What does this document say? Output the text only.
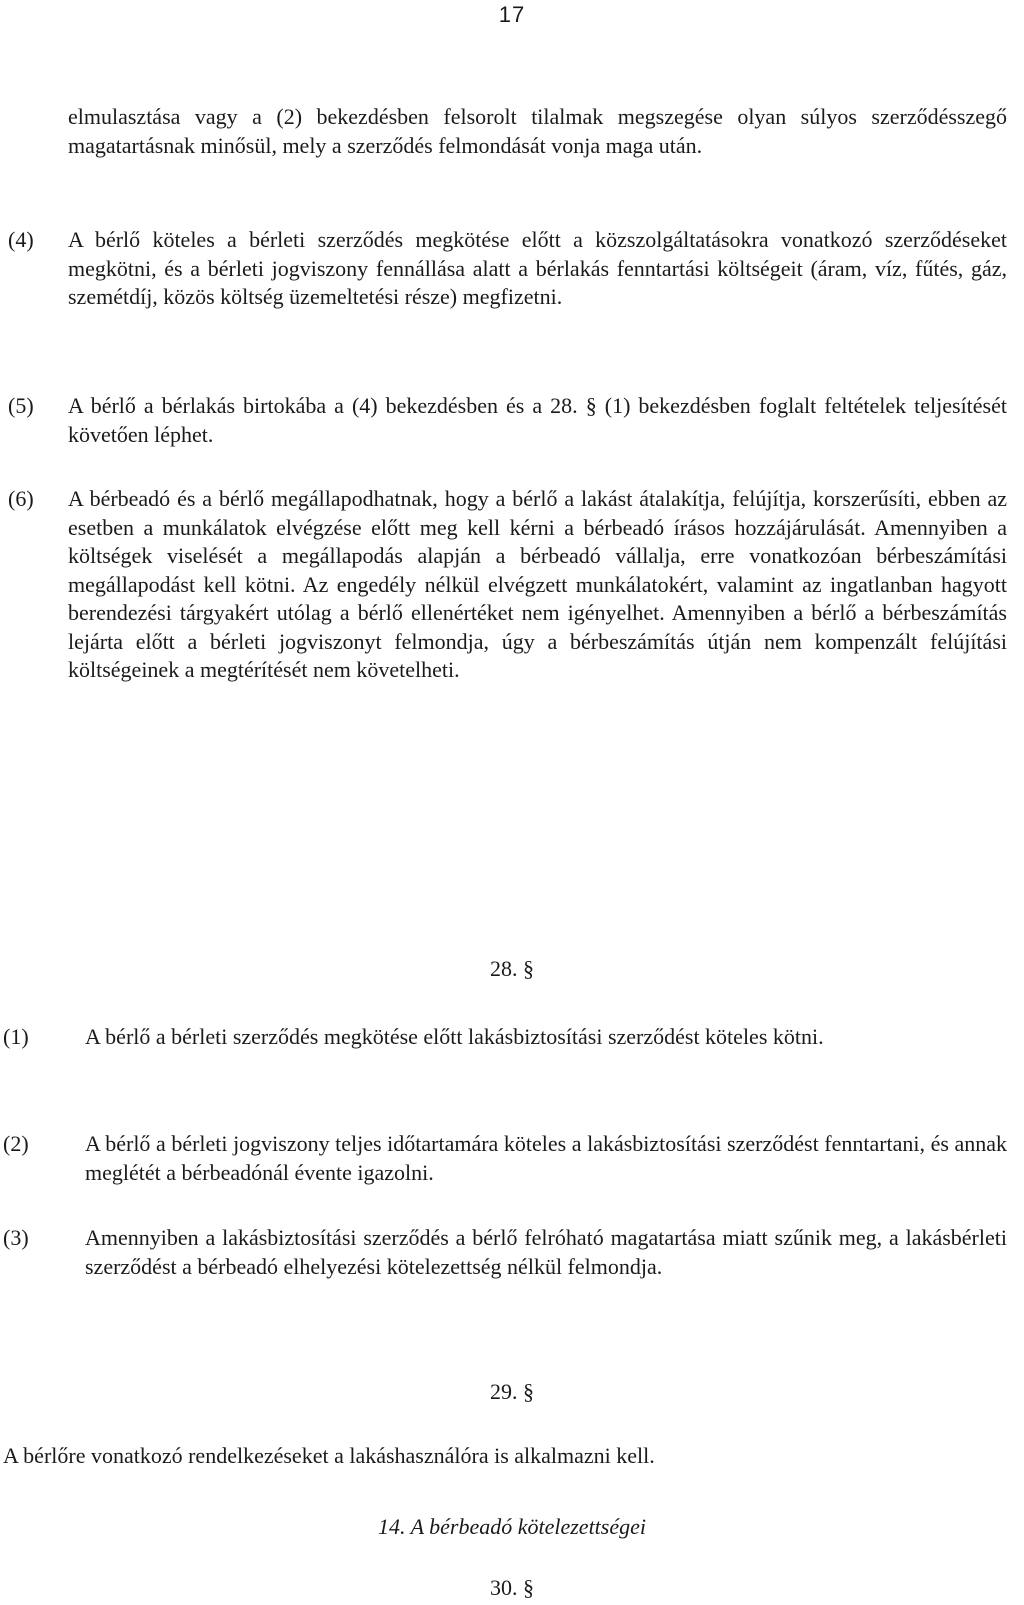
17
elmulasztása vagy a (2) bekezdésben felsorolt tilalmak megszegése olyan súlyos szerződésszegő magatartásnak minősül, mely a szerződés felmondását vonja maga után.
(4) A bérlő köteles a bérleti szerződés megkötése előtt a közszolgáltatásokra vonatkozó szerződéseket megkötni, és a bérleti jogviszony fennállása alatt a bérlakás fenntartási költségeit (áram, víz, fűtés, gáz, szemétdíj, közös költség üzemeltetési része) megfizetni.
(5) A bérlő a bérlakás birtokába a (4) bekezdésben és a 28. § (1) bekezdésben foglalt feltételek teljesítését követően léphet.
(6) A bérbeadó és a bérlő megállapodhatnak, hogy a bérlő a lakást átalakítja, felújítja, korszerűsíti, ebben az esetben a munkálatok elvégzése előtt meg kell kérni a bérbeadó írásos hozzájárulását. Amennyiben a költségek viselését a megállapodás alapján a bérbeadó vállalja, erre vonatkozóan bérbeszámítási megállapodást kell kötni. Az engedély nélkül elvégzett munkálatokért, valamint az ingatlanban hagyott berendezési tárgyakért utólag a bérlő ellenértéket nem igényelhet. Amennyiben a bérlő a bérbeszámítás lejárta előtt a bérleti jogviszonyt felmondja, úgy a bérbeszámítás útján nem kompenzált felújítási költségeinek a megtérítését nem követelheti.
28. §
(1)	A bérlő a bérleti szerződés megkötése előtt lakásbiztosítási szerződést köteles kötni.
(2)	A bérlő a bérleti jogviszony teljes időtartamára köteles a lakásbiztosítási szerződést fenntartani, és annak meglétét a bérbeadónál évente igazolni.
(3)	Amennyiben a lakásbiztosítási szerződés a bérlő felróható magatartása miatt szűnik meg, a lakásbérleti szerződést a bérbeadó elhelyezési kötelezettség nélkül felmondja.
29. §
A bérlőre vonatkozó rendelkezéseket a lakáshasználóra is alkalmazni kell.
14. A bérbeadó kötelezettségei
30. §
